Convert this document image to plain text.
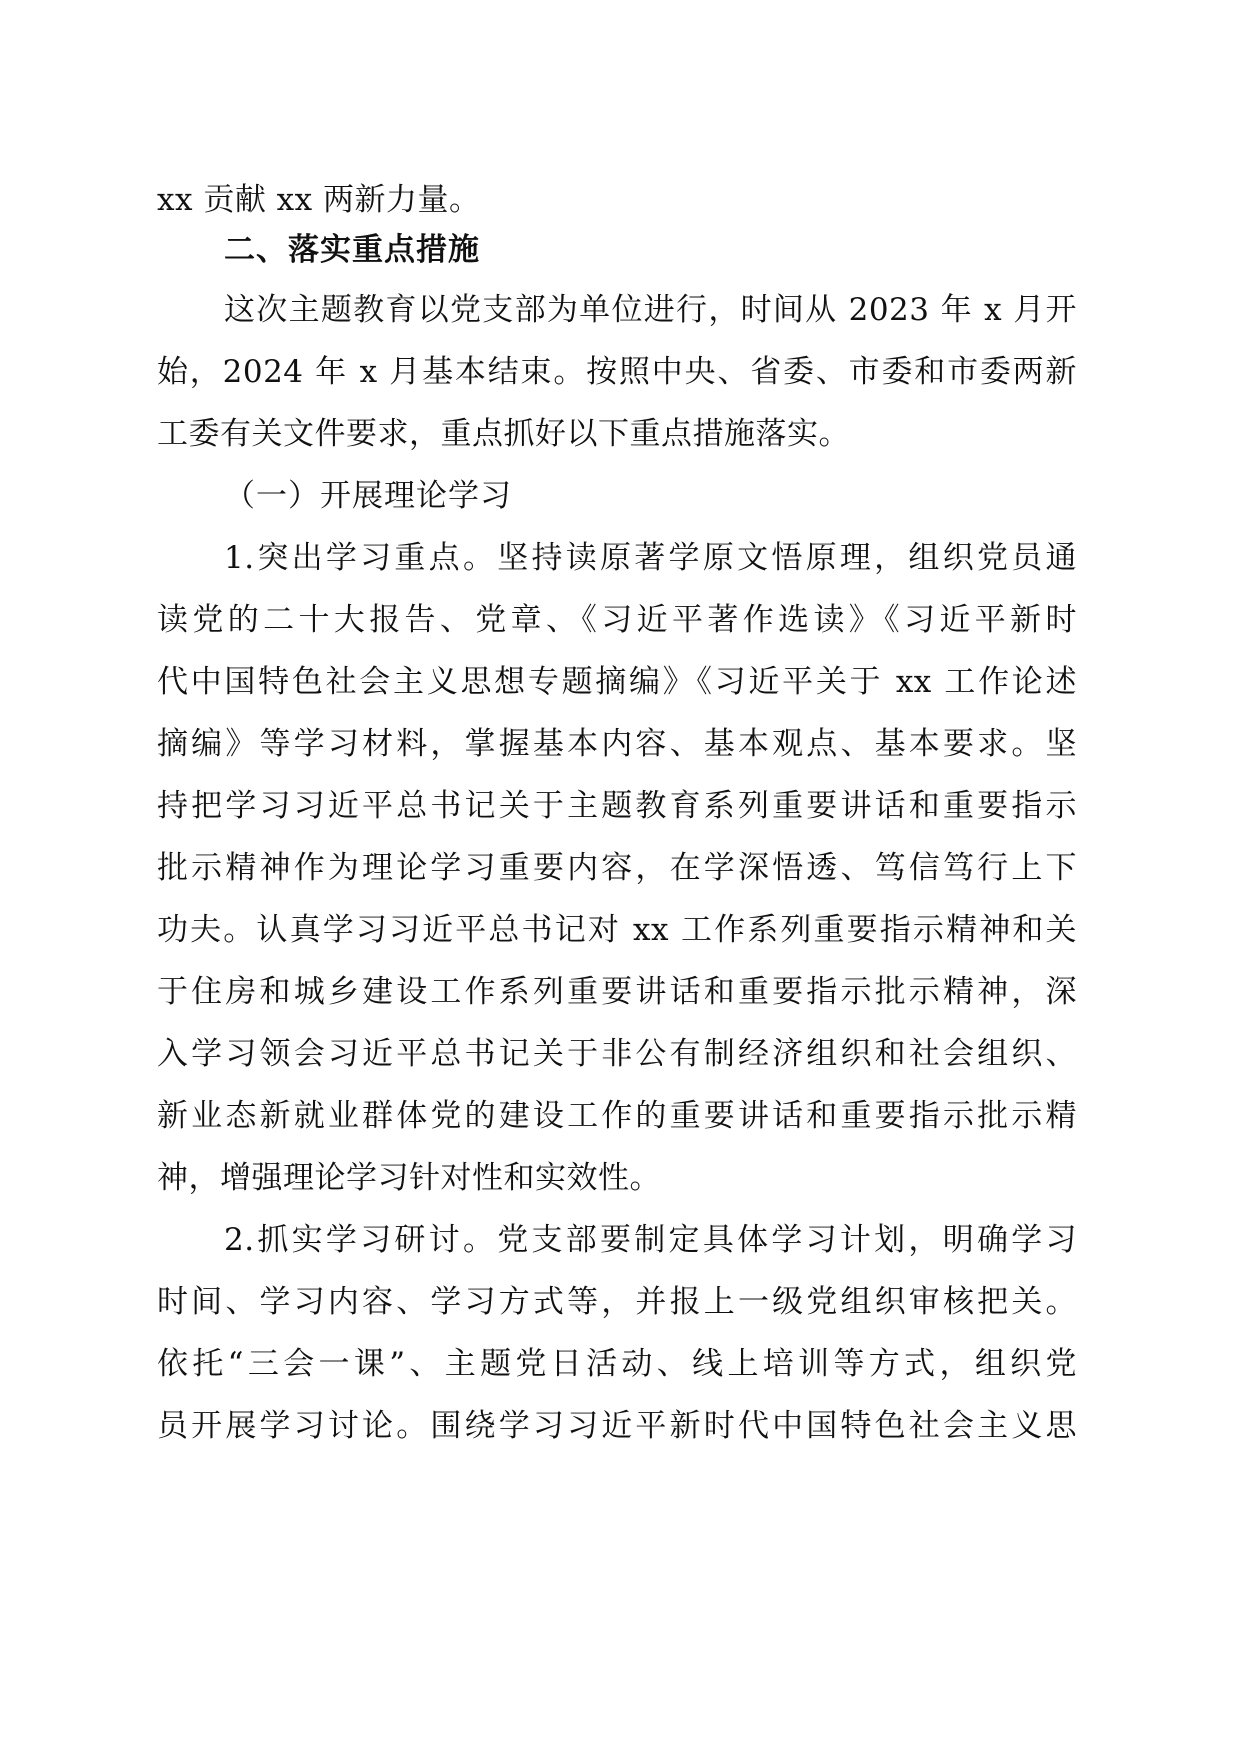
xx 贡献 xx 两新力量。
二、落实重点措施
这次主题教育以党支部为单位进行，时间从 2023 年 x 月开
始，2024 年 x 月基本结束。按照中央、省委、市委和市委两新
工委有关文件要求，重点抓好以下重点措施落实。
（一）开展理论学习
1.突出学习重点。坚持读原著学原文悟原理，组织党员通
读党的二十大报告、党章、《习近平著作选读》《习近平新时
代中国特色社会主义思想专题摘编》《习近平关于 xx 工作论述
摘编》等学习材料，掌握基本内容、基本观点、基本要求。坚
持把学习习近平总书记关于主题教育系列重要讲话和重要指示
批示精神作为理论学习重要内容，在学深悟透、笃信笃行上下
功夫。认真学习习近平总书记对 xx 工作系列重要指示精神和关
于住房和城乡建设工作系列重要讲话和重要指示批示精神，深
入学习领会习近平总书记关于非公有制经济组织和社会组织、
新业态新就业群体党的建设工作的重要讲话和重要指示批示精
神，增强理论学习针对性和实效性。
2.抓实学习研讨。党支部要制定具体学习计划，明确学习
时间、学习内容、学习方式等，并报上一级党组织审核把关。
依托“三会一课”、主题党日活动、线上培训等方式，组织党
员开展学习讨论。围绕学习习近平新时代中国特色社会主义思
